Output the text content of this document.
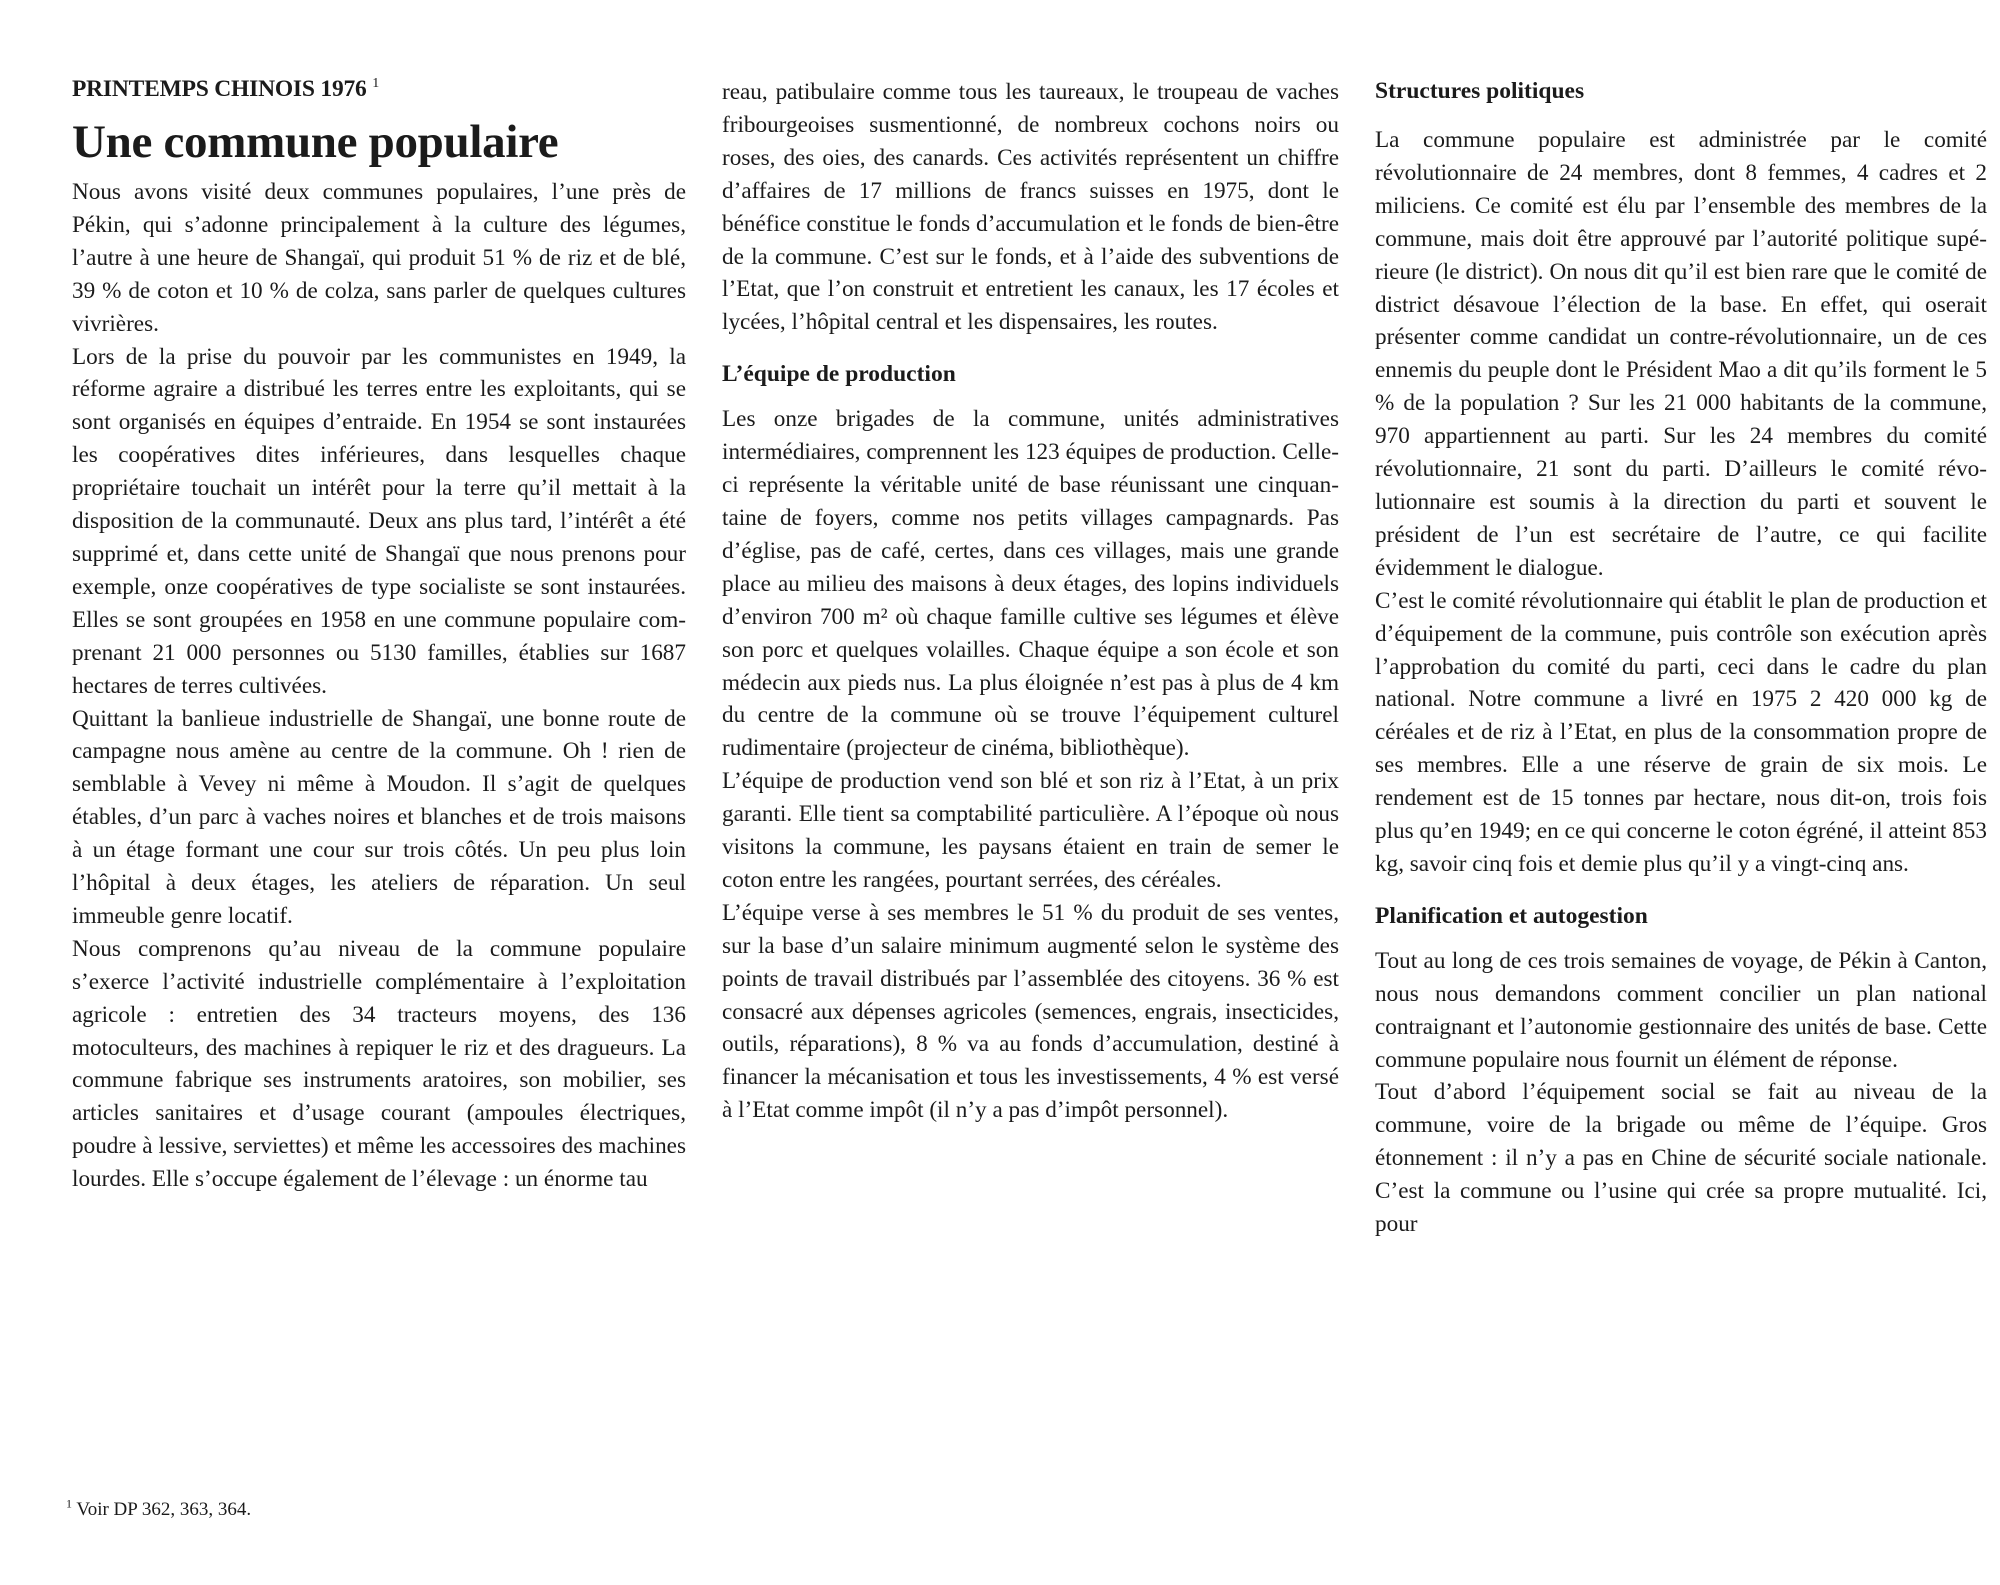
PRINTEMPS CHINOIS 1976 $^1$
Une commune populaire

Nous avons visité deux communes populaires, l’une près de Pékin, qui s’adonne principalement à la culture des légumes, l’autre à une heure de Shangaï, qui produit 51 % de riz et de blé, 39 % de coton et 10 % de colza, sans parler de quelques cultures vivrières.

Lors de la prise du pouvoir par les communistes en 1949, la réforme agraire a distribué les terres entre les exploitants, qui se sont organisés en équipes d’entraide. En 1954 se sont instaurées les coopératives dites inférieures, dans lesquelles chaque propriétaire touchait un intérêt pour la terre qu’il mettait à la disposition de la communauté. Deux ans plus tard, l’intérêt a été supprimé et, dans cette unité de Shangaï que nous prenons pour exemple, onze coopératives de type socialiste se sont instaurées. Elles se sont groupées en 1958 en une commune populaire comprenant 21 000 personnes ou 5130 familles, établies sur 1687 hectares de terres cultivées.

Quittant la banlieue industrielle de Shangaï, une bonne route de campagne nous amène au centre de la commune. Oh ! rien de semblable à Vevey ni même à Moudon. Il s’agit de quelques étables, d’un parc à vaches noires et blanches et de trois maisons à un étage formant une cour sur trois côtés. Un peu plus loin l’hôpital à deux étages, les ateliers de réparation. Un seul immeuble genre locatif.

Nous comprenons qu’au niveau de la commune populaire s’exerce l’activité industrielle complémentaire à l’exploitation agricole : entretien des 34 tracteurs moyens, des 136 motoculteurs, des machines à repiquer le riz et des dragueurs. La commune fabrique ses instruments aratoires, son mobilier, ses articles sanitaires et d’usage courant (ampoules électriques, poudre à lessive, serviettes) et même les accessoires des machines lourdes. Elle s’occupe également de l’élevage : un énorme tau

reau, patibulaire comme tous les taureaux, le troupeau de vaches fribourgeoises susmentionné, de nombreux cochons noirs ou roses, des oies, des canards. Ces activités représentent un chiffre d’affaires de 17 millions de francs suisses en 1975, dont le bénéfice constitue le fonds d’accumulation et le fonds de bien-être de la commune. C’est sur le fonds, et à l’aide des subventions de l’Etat, que l’on construit et entretient les canaux, les 17 écoles et lycées, l’hôpital central et les dispensaires, les routes.

L’équipe de production

Les onze brigades de la commune, unités administratives intermédiaires, comprennent les 123 équipes de production. Celle-ci représente la véritable unité de base réunissant une cinquantaine de foyers, comme nos petits villages campagnards. Pas d’église, pas de café, certes, dans ces villages, mais une grande place au milieu des maisons à deux étages, des lopins individuels d’environ 700 m² où chaque famille cultive ses légumes et élève son porc et quelques volailles. Chaque équipe a son école et son médecin aux pieds nus. La plus éloignée n’est pas à plus de 4 km du centre de la commune où se trouve l’équipement culturel rudimentaire (projecteur de cinéma, bibliothèque).

L’équipe de production vend son blé et son riz à l’Etat, à un prix garanti. Elle tient sa comptabilité particulière. A l’époque où nous visitons la commune, les paysans étaient en train de semer le coton entre les rangées, pourtant serrées, des céréales.

L’équipe verse à ses membres le 51 % du produit de ses ventes, sur la base d’un salaire minimum augmenté selon le système des points de travail distribués par l’assemblée des citoyens. 36 % est consacré aux dépenses agricoles (semences, engrais, insecticides, outils, réparations), 8 % va au fonds d’accumulation, destiné à financer la mécanisation et tous les investissements, 4 % est versé à l’Etat comme impôt (il n’y a pas d’impôt personnel).

Structures politiques

La commune populaire est administrée par le comité révolutionnaire de 24 membres, dont 8 femmes, 4 cadres et 2 miliciens. Ce comité est élu par l’ensemble des membres de la commune, mais doit être approuvé par l’autorité politique supérieure (le district). On nous dit qu’il est bien rare que le comité de district désavoue l’élection de la base. En effet, qui oserait présenter comme candidat un contre-révolutionnaire, un de ces ennemis du peuple dont le Président Mao a dit qu’ils forment le 5 % de la population ? Sur les 21 000 habitants de la commune, 970 appartiennent au parti. Sur les 24 membres du comité révolutionnaire, 21 sont du parti. D’ailleurs le comité révolutionnaire est soumis à la direction du parti et souvent le président de l’un est secrétaire de l’autre, ce qui facilite évidemment le dialogue.

C’est le comité révolutionnaire qui établit le plan de production et d’équipement de la commune, puis contrôle son exécution après l’approbation du comité du parti, ceci dans le cadre du plan national. Notre commune a livré en 1975 2 420 000 kg de céréales et de riz à l’Etat, en plus de la consommation propre de ses membres. Elle a une réserve de grain de six mois. Le rendement est de 15 tonnes par hectare, nous dit-on, trois fois plus qu’en 1949; en ce qui concerne le coton égréné, il atteint 853 kg, savoir cinq fois et demie plus qu’il y a vingt-cinq ans.

Planification et autogestion

Tout au long de ces trois semaines de voyage, de Pékin à Canton, nous nous demandons comment concilier un plan national contraignant et l’autonomie gestionnaire des unités de base. Cette commune populaire nous fournit un élément de réponse.

Tout d’abord l’équipement social se fait au niveau de la commune, voire de la brigade ou même de l’équipe. Gros étonnement : il n’y a pas en Chine de sécurité sociale nationale. C’est la commune ou l’usine qui crée sa propre mutualité. Ici, pour

$^1$ Voir DP 362, 363, 364.
